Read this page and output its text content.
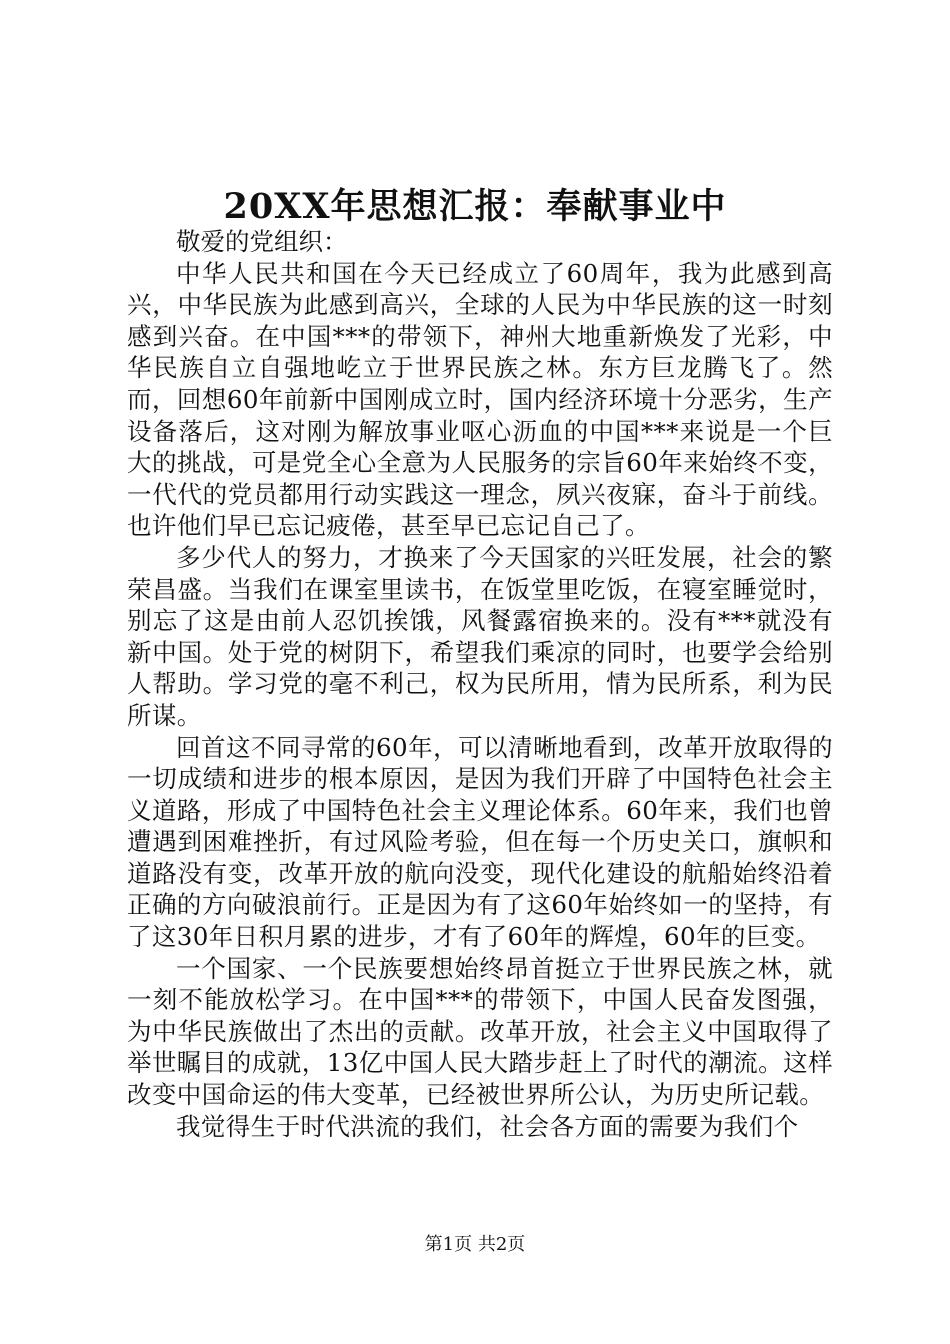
20XX年思想汇报：奉献事业中

敬爱的党组织：

中华人民共和国在今天已经成立了60周年，我为此感到高兴，中华民族为此感到高兴，全球的人民为中华民族的这一时刻感到兴奋。在中国***的带领下，神州大地重新焕发了光彩，中华民族自立自强地屹立于世界民族之林。东方巨龙腾飞了。然而，回想60年前新中国刚成立时，国内经济环境十分恶劣，生产设备落后，这对刚为解放事业呕心沥血的中国***来说是一个巨大的挑战，可是党全心全意为人民服务的宗旨60年来始终不变，一代代的党员都用行动实践这一理念，夙兴夜寐，奋斗于前线。也许他们早已忘记疲倦，甚至早已忘记自己了。

多少代人的努力，才换来了今天国家的兴旺发展，社会的繁荣昌盛。当我们在课室里读书，在饭堂里吃饭，在寝室睡觉时，别忘了这是由前人忍饥挨饿，风餐露宿换来的。没有***就没有新中国。处于党的树阴下，希望我们乘凉的同时，也要学会给别人帮助。学习党的毫不利己，权为民所用，情为民所系，利为民所谋。

回首这不同寻常的60年，可以清晰地看到，改革开放取得的一切成绩和进步的根本原因，是因为我们开辟了中国特色社会主义道路，形成了中国特色社会主义理论体系。60年来，我们也曾遭遇到困难挫折，有过风险考验，但在每一个历史关口，旗帜和道路没有变，改革开放的航向没变，现代化建设的航船始终沿着正确的方向破浪前行。正是因为有了这60年始终如一的坚持，有了这30年日积月累的进步，才有了60年的辉煌，60年的巨变。

一个国家、一个民族要想始终昂首挺立于世界民族之林，就一刻不能放松学习。在中国***的带领下，中国人民奋发图强，为中华民族做出了杰出的贡献。改革开放，社会主义中国取得了举世瞩目的成就，13亿中国人民大踏步赶上了时代的潮流。这样改变中国命运的伟大变革，已经被世界所公认，为历史所记载。

我觉得生于时代洪流的我们，社会各方面的需要为我们个

第1页 共2页
